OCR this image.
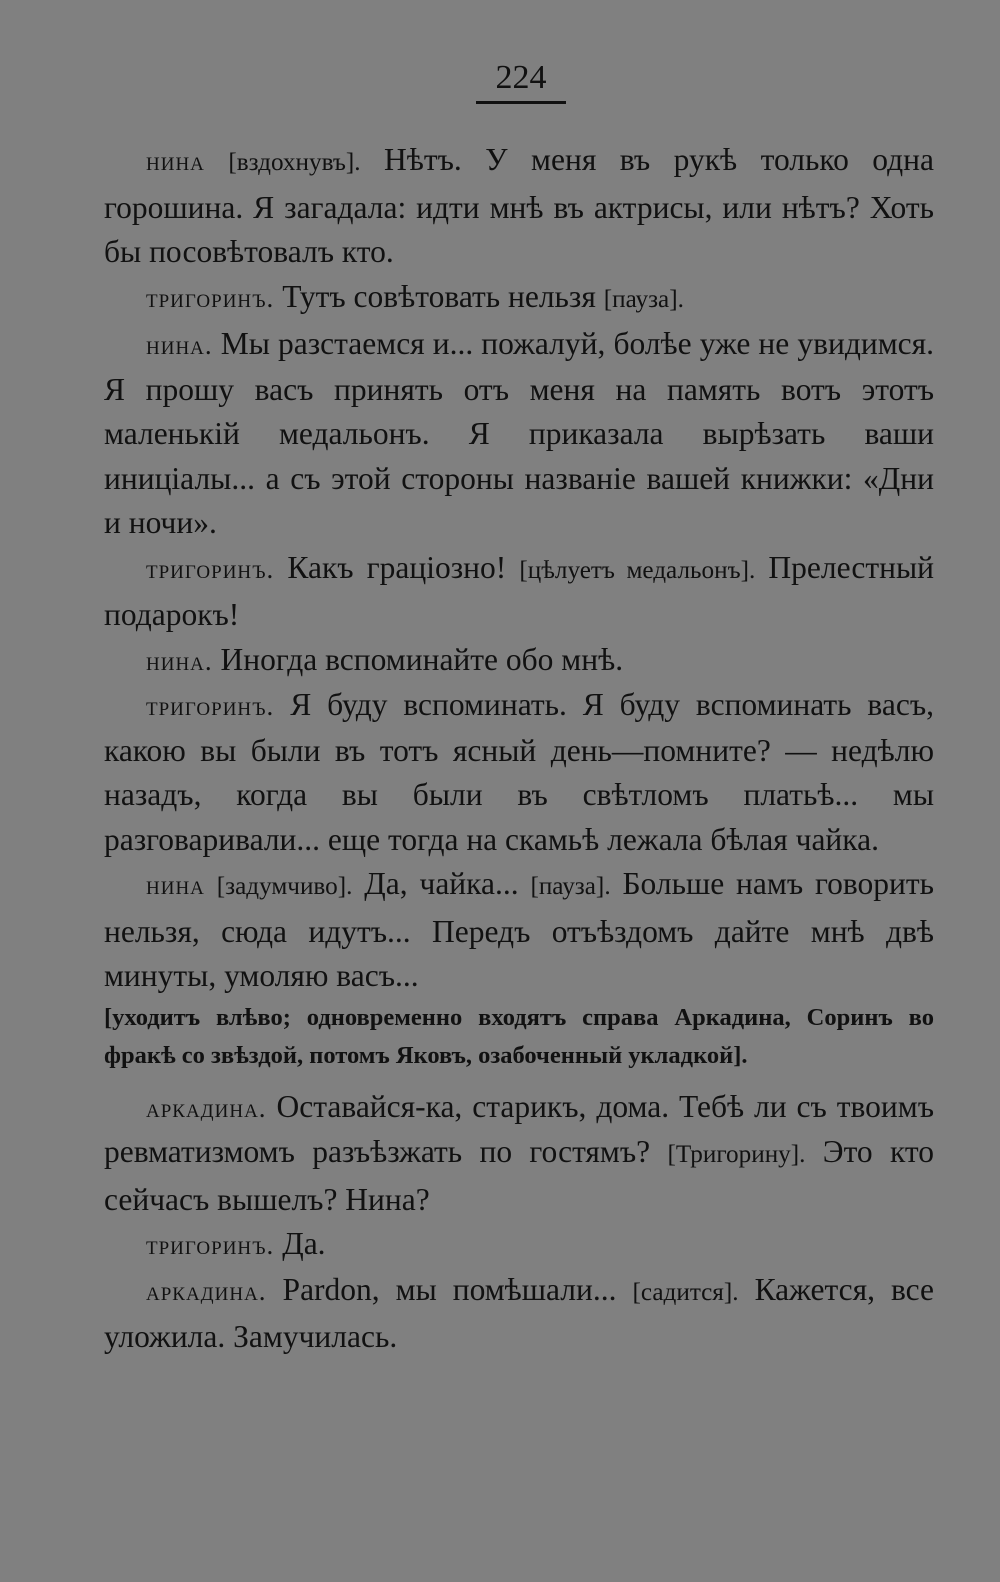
224

нина [вздохнувъ]. Нѣтъ. У меня въ рукѣ только одна горошина. Я загадала: идти мнѣ въ актрисы, или нѣтъ? Хоть бы посовѣтовалъ кто.

тригоринъ. Тутъ совѣтовать нельзя [пауза].

нина. Мы разстаемся и... пожалуй, болѣе уже не увидимся. Я прошу васъ принять отъ меня на память вотъ этотъ маленькій медальонъ. Я приказала вырѣзать ваши иниціалы... а съ этой стороны названіе вашей книжки: «Дни и ночи».

тригоринъ. Какъ граціозно! [цѣлуетъ медальонъ]. Прелестный подарокъ!

нина. Иногда вспоминайте обо мнѣ.

тригоринъ. Я буду вспоминать. Я буду вспоминать васъ, какою вы были въ тотъ ясный день—помните? — недѣлю назадъ, когда вы были въ свѣтломъ платьѣ... мы разговаривали... еще тогда на скамьѣ лежала бѣлая чайка.

нина [задумчиво]. Да, чайка... [пауза]. Больше намъ говорить нельзя, сюда идутъ... Передъ отъѣздомъ дайте мнѣ двѣ минуты, умоляю васъ...

[уходитъ влѣво; одновременно входятъ справа Аркадина, Соринъ во фракѣ со звѣздой, потомъ Яковъ, озабоченный укладкой].

аркадина. Оставайся-ка, старикъ, дома. Тебѣ ли съ твоимъ ревматизмомъ разъѣзжать по гостямъ? [Тригорину]. Это кто сейчасъ вышелъ? Нина?

тригоринъ. Да.

аркадина. Pardon, мы помѣшали... [садится]. Кажется, все уложила. Замучилась.
